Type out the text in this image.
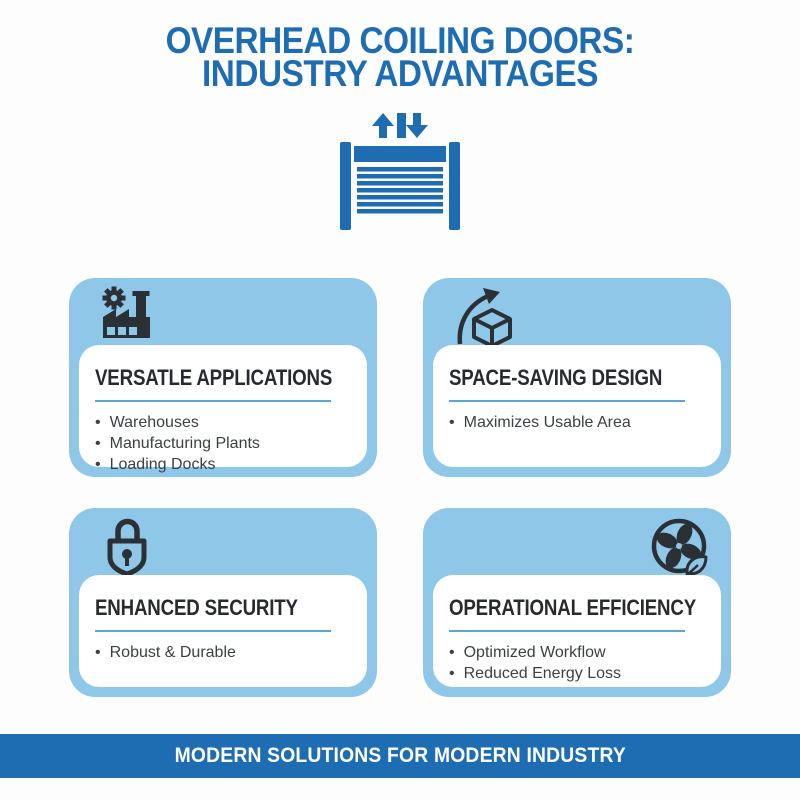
OVERHEAD COILING DOORS:
INDUSTRY ADVANTAGES
VERSATLE APPLICATIONS
• Warehouses
• Manufacturing Plants
• Loading Docks
SPACE-SAVING DESIGN
• Maximizes Usable Area
ENHANCED SECURITY
• Robust & Durable
OPERATIONAL EFFICIENCY
• Optimized Workflow
• Reduced Energy Loss
MODERN SOLUTIONS FOR MODERN INDUSTRY
